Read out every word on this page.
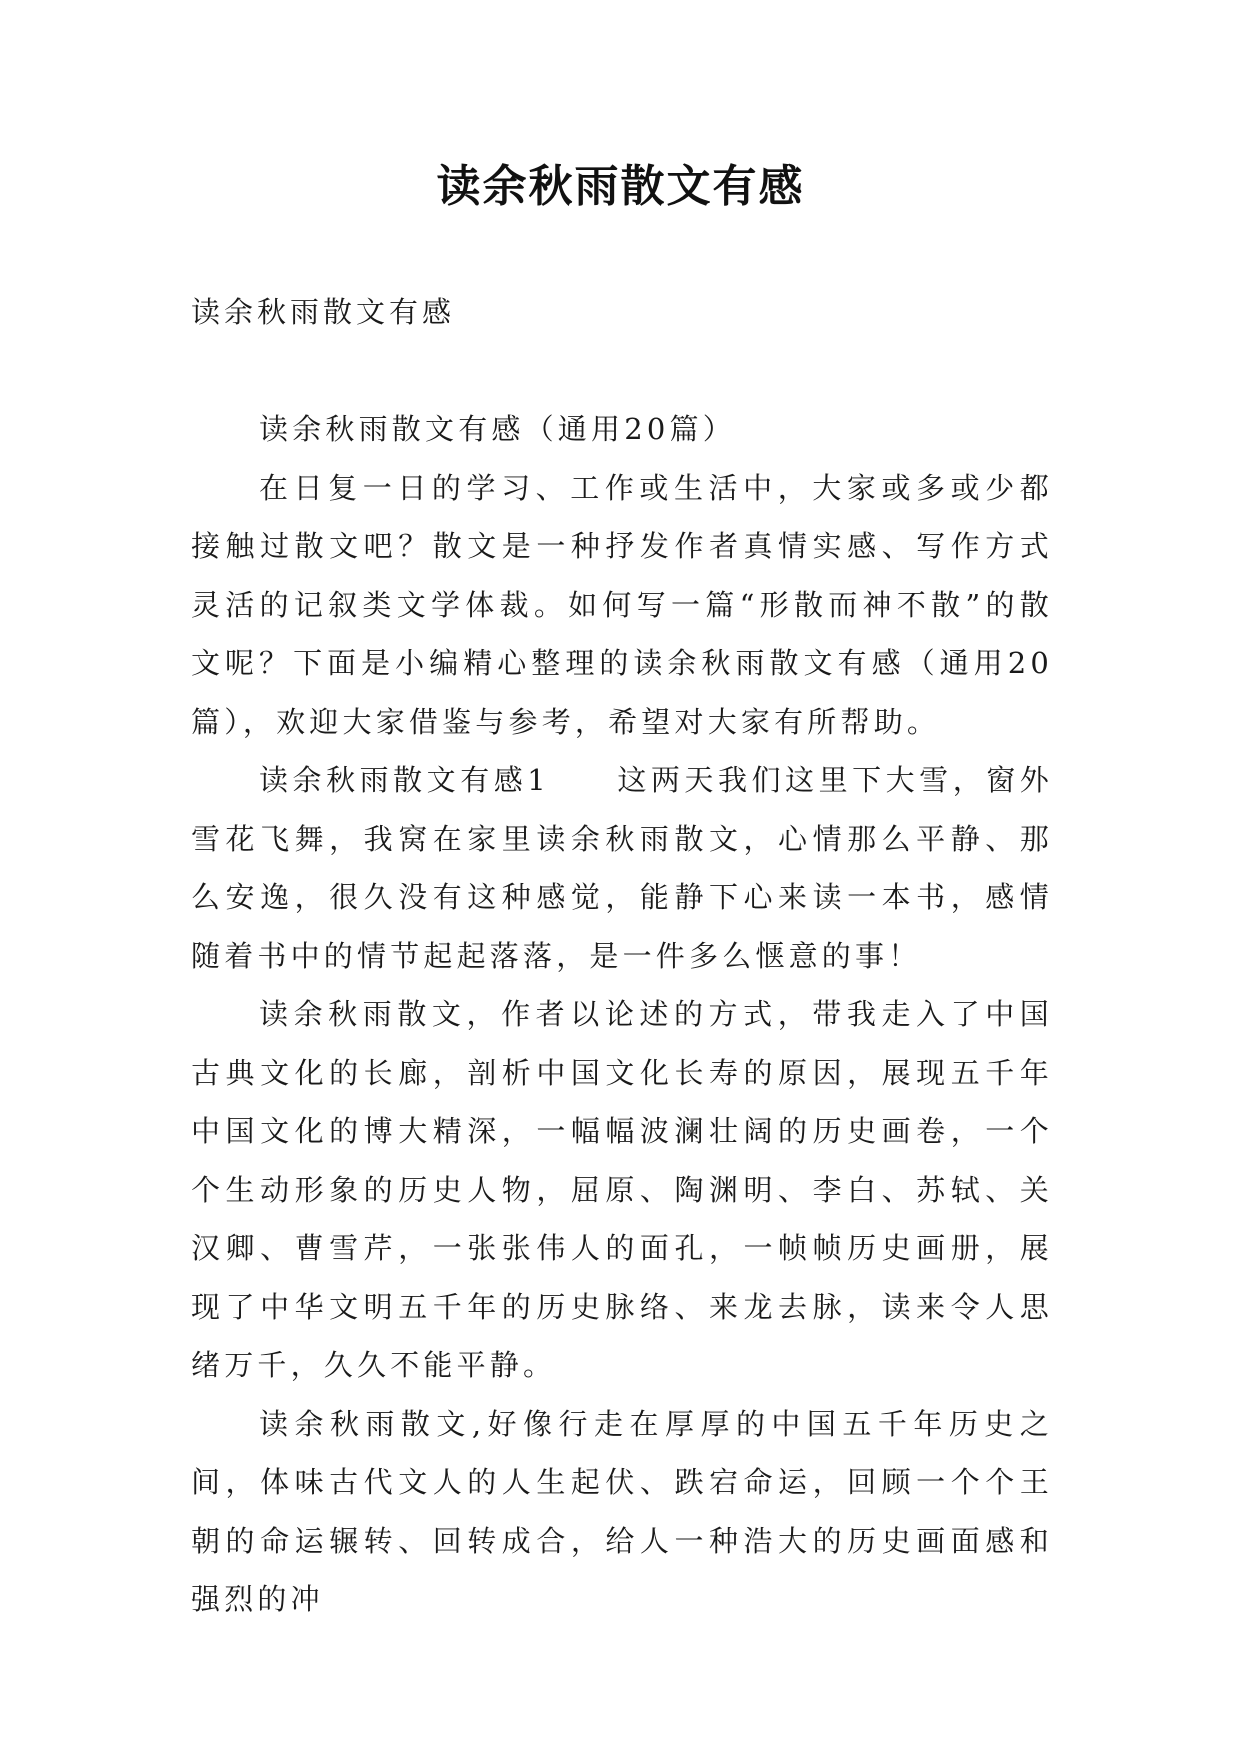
读余秋雨散文有感
读余秋雨散文有感

读余秋雨散文有感（通用20篇）

在日复一日的学习、工作或生活中，大家或多或少都接触过散文吧？散文是一种抒发作者真情实感、写作方式灵活的记叙类文学体裁。如何写一篇“形散而神不散”的散文呢？下面是小编精心整理的读余秋雨散文有感（通用20篇），欢迎大家借鉴与参考，希望对大家有所帮助。

读余秋雨散文有感1　　这两天我们这里下大雪，窗外雪花飞舞，我窝在家里读余秋雨散文，心情那么平静、那么安逸，很久没有这种感觉，能静下心来读一本书，感情随着书中的情节起起落落，是一件多么惬意的事！

读余秋雨散文，作者以论述的方式，带我走入了中国古典文化的长廊，剖析中国文化长寿的原因，展现五千年中国文化的博大精深，一幅幅波澜壮阔的历史画卷，一个个生动形象的历史人物，屈原、陶渊明、李白、苏轼、关汉卿、曹雪芹，一张张伟人的面孔，一帧帧历史画册，展现了中华文明五千年的历史脉络、来龙去脉，读来令人思绪万千，久久不能平静。

读余秋雨散文,好像行走在厚厚的中国五千年历史之间，体味古代文人的人生起伏、跌宕命运，回顾一个个王朝的命运辗转、回转成合，给人一种浩大的历史画面感和强烈的冲
